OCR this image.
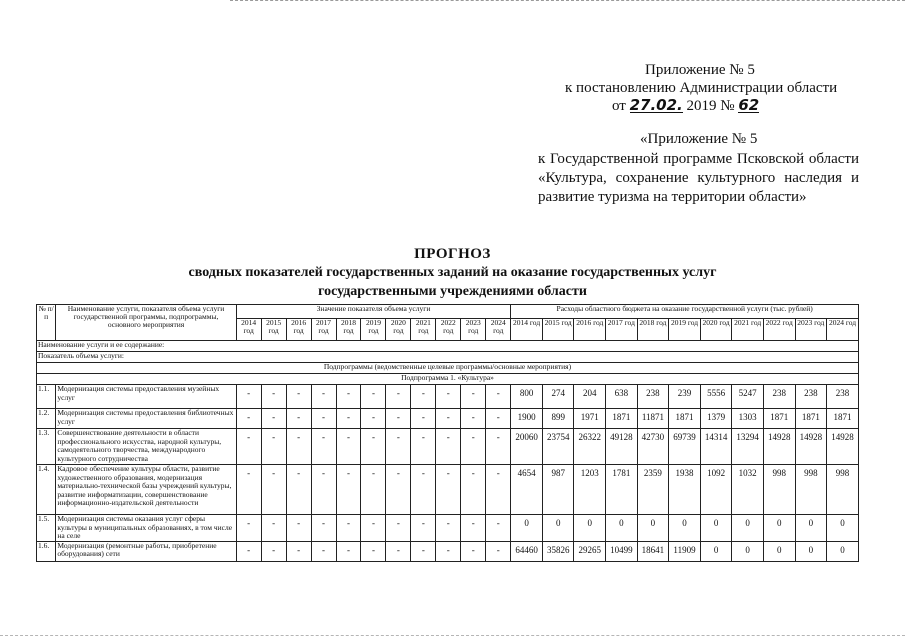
Приложение № 5
к постановлению Администрации области
от 27.02. 2019 № 62
«Приложение № 5
к Государственной программе Псковской области «Культура, сохранение культурного наследия и развитие туризма на территории области»
ПРОГНОЗ
сводных показателей государственных заданий на оказание государственных услуг
государственными учреждениями области
№ п/п	Наименование услуги, показателя объема услуги государственной программы, подпрограммы, основного мероприятия	Значение показателя объема услуги											Расходы областного бюджета на оказание государственной услуги (тыс. рублей)										
		2014 год	2015 год	2016 год	2017 год	2018 год	2019 год	2020 год	2021 год	2022 год	2023 год	2024 год	2014 год	2015 год	2016 год	2017 год	2018 год	2019 год	2020 год	2021 год	2022 год	2023 год	2024 год
Наименование услуги и ее содержание:																							
Показатель объема услуги:																							
Подпрограммы (ведомственные целевые программы/основные мероприятия)																							
Подпрограмма 1. «Культура»																							
1.1.	Модернизация системы предоставления музейных услуг	-	-	-	-	-	-	-	-	-	-	-	800	274	204	638	238	239	5556	5247	238	238	238
1.2.	Модернизация системы предоставления библиотечных услуг	-	-	-	-	-	-	-	-	-	-	-	1900	899	1971	1871	11871	1871	1379	1303	1871	1871	1871
1.3.	Совершенствование деятельности в области профессионального искусства, народной культуры, самодеятельного творчества, международного культурного сотрудничества	-	-	-	-	-	-	-	-	-	-	-	20060	23754	26322	49128	42730	69739	14314	13294	14928	14928	14928
1.4.	Кадровое обеспечение культуры области, развитие художественного образования, модернизация материально-технической базы учреждений культуры, развитие информатизации, совершенствование информационно-издательской деятельности	-	-	-	-	-	-	-	-	-	-	-	4654	987	1203	1781	2359	1938	1092	1032	998	998	998
1.5.	Модернизация системы оказания услуг сферы культуры в муниципальных образованиях, в том числе на селе	-	-	-	-	-	-	-	-	-	-	-	0	0	0	0	0	0	0	0	0	0	0
1.6.	Модернизация (ремонтные работы, приобретение оборудования) сети	-	-	-	-	-	-	-	-	-	-	-	64460	35826	29265	10499	18641	11909	0	0	0	0	0
